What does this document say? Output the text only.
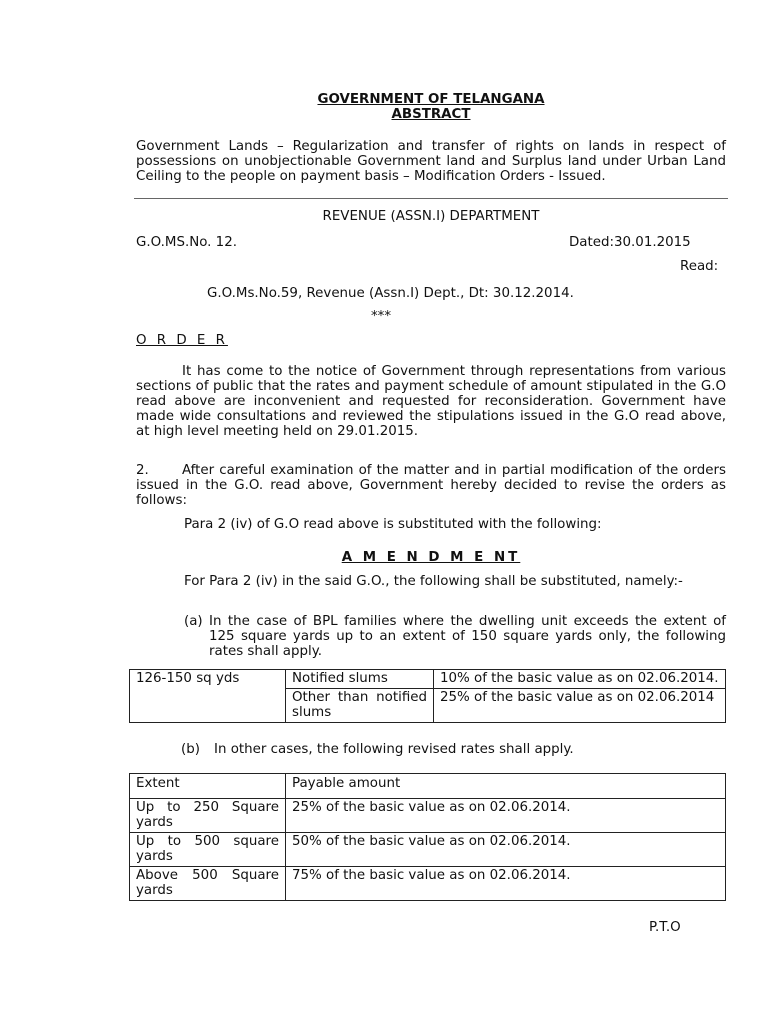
GOVERNMENT OF TELANGANA
ABSTRACT
Government Lands – Regularization and transfer of rights on lands in respect of possessions on unobjectionable Government land and Surplus land under Urban Land Ceiling to the people on payment basis – Modification Orders - Issued.
REVENUE (ASSN.I) DEPARTMENT
G.O.MS.No. 12.	Dated:30.01.2015
Read:
G.O.Ms.No.59, Revenue (Assn.I) Dept., Dt: 30.12.2014.
***
O R D E R
It has come to the notice of Government through representations from various sections of public that the rates and payment schedule of amount stipulated in the G.O read above are inconvenient and requested for reconsideration. Government have made wide consultations and reviewed the stipulations issued in the G.O read above, at high level meeting held on 29.01.2015.
2.	After careful examination of the matter and in partial modification of the orders issued in the G.O. read above, Government hereby decided to revise the orders as follows:
Para 2 (iv) of G.O read above is substituted with the following:
A M E N D M E NT
For Para 2 (iv) in the said G.O., the following shall be substituted, namely:-
(a) In the case of BPL families where the dwelling unit exceeds the extent of 125 square yards up to an extent of 150 square yards only, the following rates shall apply.
126-150 sq yds	Notified slums	10% of the basic value as on 02.06.2014.

	Other than notified slums	25% of the basic value as on 02.06.2014
(b) In other cases, the following revised rates shall apply.
Extent	Payable amount

Up to 250 Square yards	25% of the basic value as on 02.06.2014.

Up to 500 square yards	50% of the basic value as on 02.06.2014.

Above 500 Square yards	75% of the basic value as on 02.06.2014.
P.T.O
